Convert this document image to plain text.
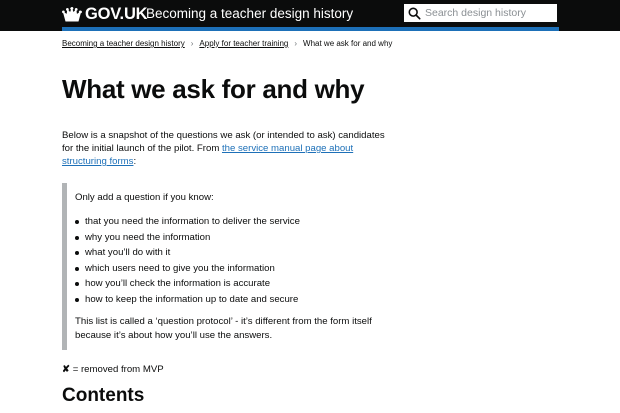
GOV.UK
Becoming a teacher design history
Search design history
Becoming a teacher design history › Apply for teacher training › What we ask for and why
What we ask for and why

Below is a snapshot of the questions we ask (or intended to ask) candidates for the initial launch of the pilot. From the service manual page about structuring forms:

Only add a question if you know:

that you need the information to deliver the service
why you need the information
what you’ll do with it
which users need to give you the information
how you’ll check the information is accurate
how to keep the information up to date and secure

This list is called a ‘question protocol’ - it’s different from the form itself because it’s about how you’ll use the answers.

✘ = removed from MVP

Contents
